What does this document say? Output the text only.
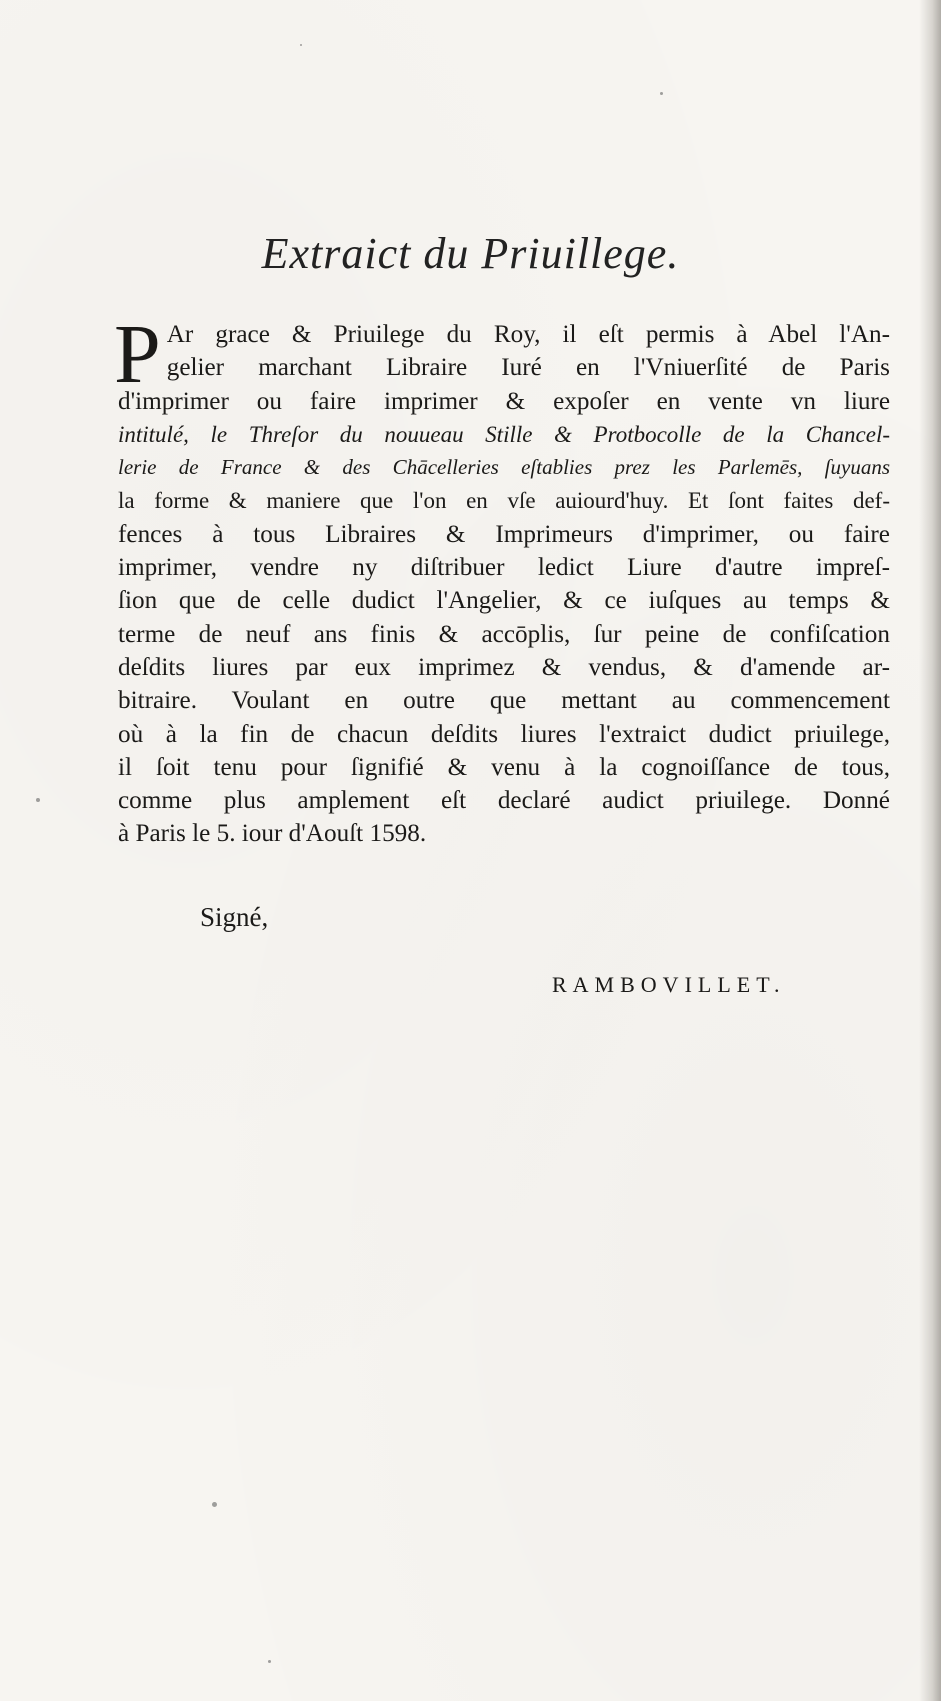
Extraict du Priuillege.
P Ar grace & Priuilege du Roy, il eſt permis à Abel l'An-
gelier marchant Libraire Iuré en l'Vniuerſité de Paris
d'imprimer ou faire imprimer & expoſer en vente vn liure
intitulé, le Threſor du nouueau Stille & Protbocolle de la Chancel-
lerie de France & des Chācelleries eſtablies prez les Parlemēs, ſuyuans
la forme & maniere que l'on en vſe auiourd'huy. Et ſont faites def-
fences à tous Libraires & Imprimeurs d'imprimer, ou faire
imprimer, vendre ny diſtribuer ledict Liure d'autre impreſ-
ſion que de celle dudict l'Angelier, & ce iuſques au temps &
terme de neuf ans finis & accōplis, ſur peine de confiſcation
deſdits liures par eux imprimez & vendus, & d'amende ar-
bitraire. Voulant en outre que mettant au commencement
où à la fin de chacun deſdits liures l'extraict dudict priuilege,
il ſoit tenu pour ſignifié & venu à la cognoiſſance de tous,
comme plus amplement eſt declaré audict priuilege. Donné
à Paris le 5. iour d'Aouſt 1598.
Signé,
RAMBOVILLET.
